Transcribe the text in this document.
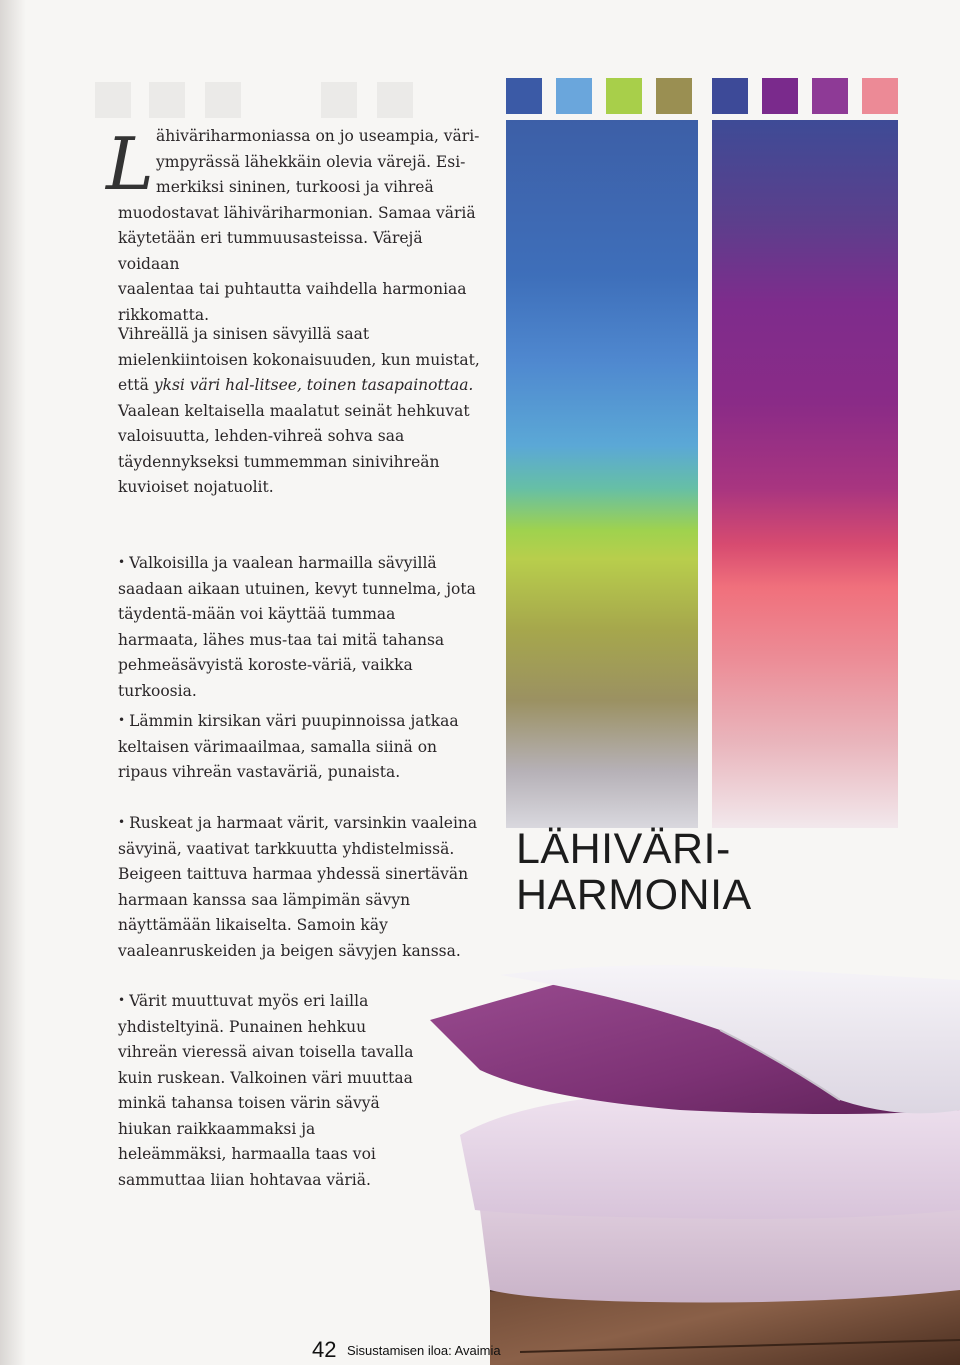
L ähiväriharmoniassa on jo useampia, väri-
ympyrässä lähekkäin olevia värejä. Esi-
merkiksi sininen, turkoosi ja vihreä
muodostavat lähiväriharmonian. Samaa väriä
käytetään eri tummuusasteissa. Värejä voidaan
vaalentaa tai puhtautta vaihdella harmoniaa
rikkomatta.

Vihreällä ja sinisen sävyillä saat mielenkiintoisen kokonaisuuden, kun muistat, että yksi väri hal-litsee, toinen tasapainottaa. Vaalean keltaisella maalatut seinät hehkuvat valoisuutta, lehden-vihreä sohva saa täydennykseksi tummemman sinivihreän kuvioiset nojatuolit.

• Valkoisilla ja vaalean harmailla sävyillä saadaan aikaan utuinen, kevyt tunnelma, jota täydentä-mään voi käyttää tummaa harmaata, lähes mus-taa tai mitä tahansa pehmeäsävyistä koroste-väriä, vaikka turkoosia.

• Lämmin kirsikan väri puupinnoissa jatkaa keltaisen värimaailmaa, samalla siinä on ripaus vihreän vastaväriä, punaista.

• Ruskeat ja harmaat värit, varsinkin vaaleina sävyinä, vaativat tarkkuutta yhdistelmissä. Beigeen taittuva harmaa yhdessä sinertävän harmaan kanssa saa lämpimän sävyn näyttämään likaiselta. Samoin käy vaaleanruskeiden ja beigen sävyjen kanssa.

• Värit muuttuvat myös eri lailla yhdisteltyinä. Punainen hehkuu vihreän vieressä aivan toisella tavalla kuin ruskean. Valkoinen väri muuttaa minkä tahansa toisen värin sävyä hiukan raikkaammaksi ja heleämmäksi, harmaalla taas voi sammuttaa liian hohtavaa väriä.

LÄHIVÄRI-
HARMONIA
42 Sisustamisen iloa: Avaimia
